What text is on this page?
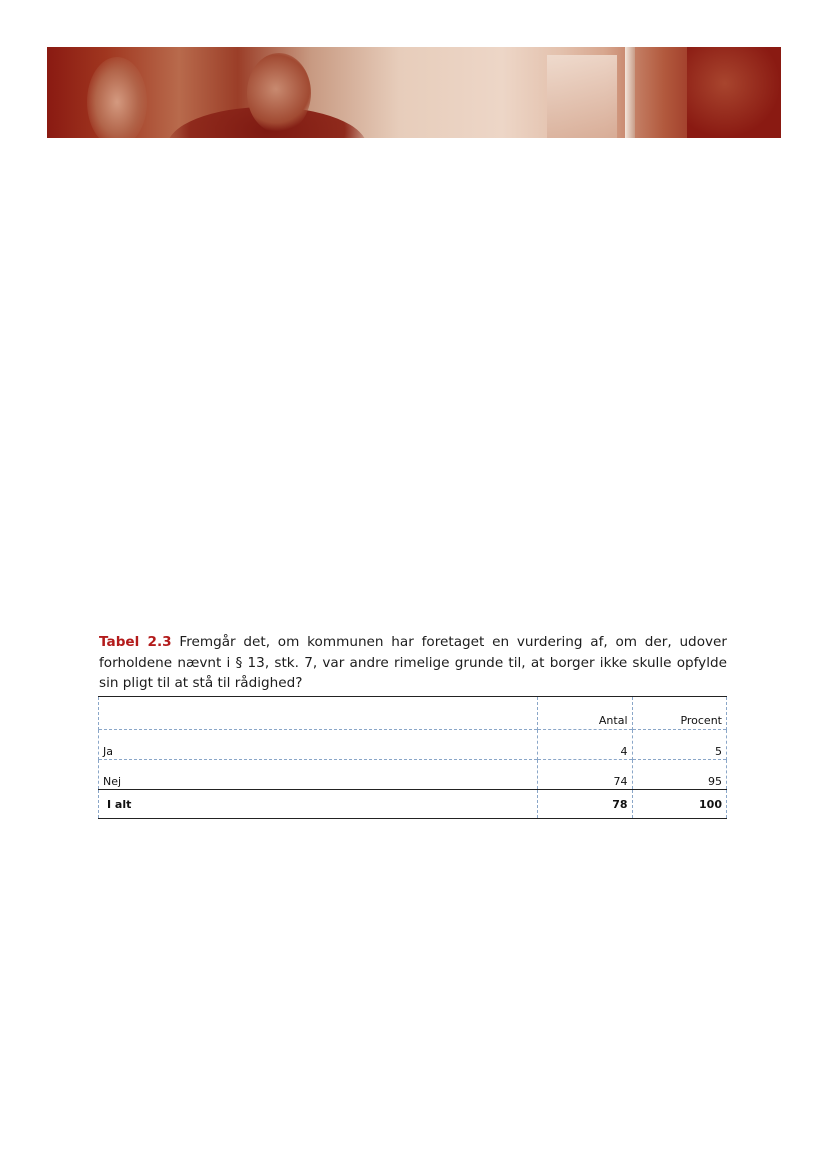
Tabel 2.3 Fremgår det, om kommunen har foretaget en vurdering af, om der, udover forholdene nævnt i § 13, stk. 7, var andre rimelige grunde til, at borger ikke skulle opfylde sin pligt til at stå til rådighed?
	Antal	Procent
Ja	4	5
Nej	74	95
I alt	78	100
